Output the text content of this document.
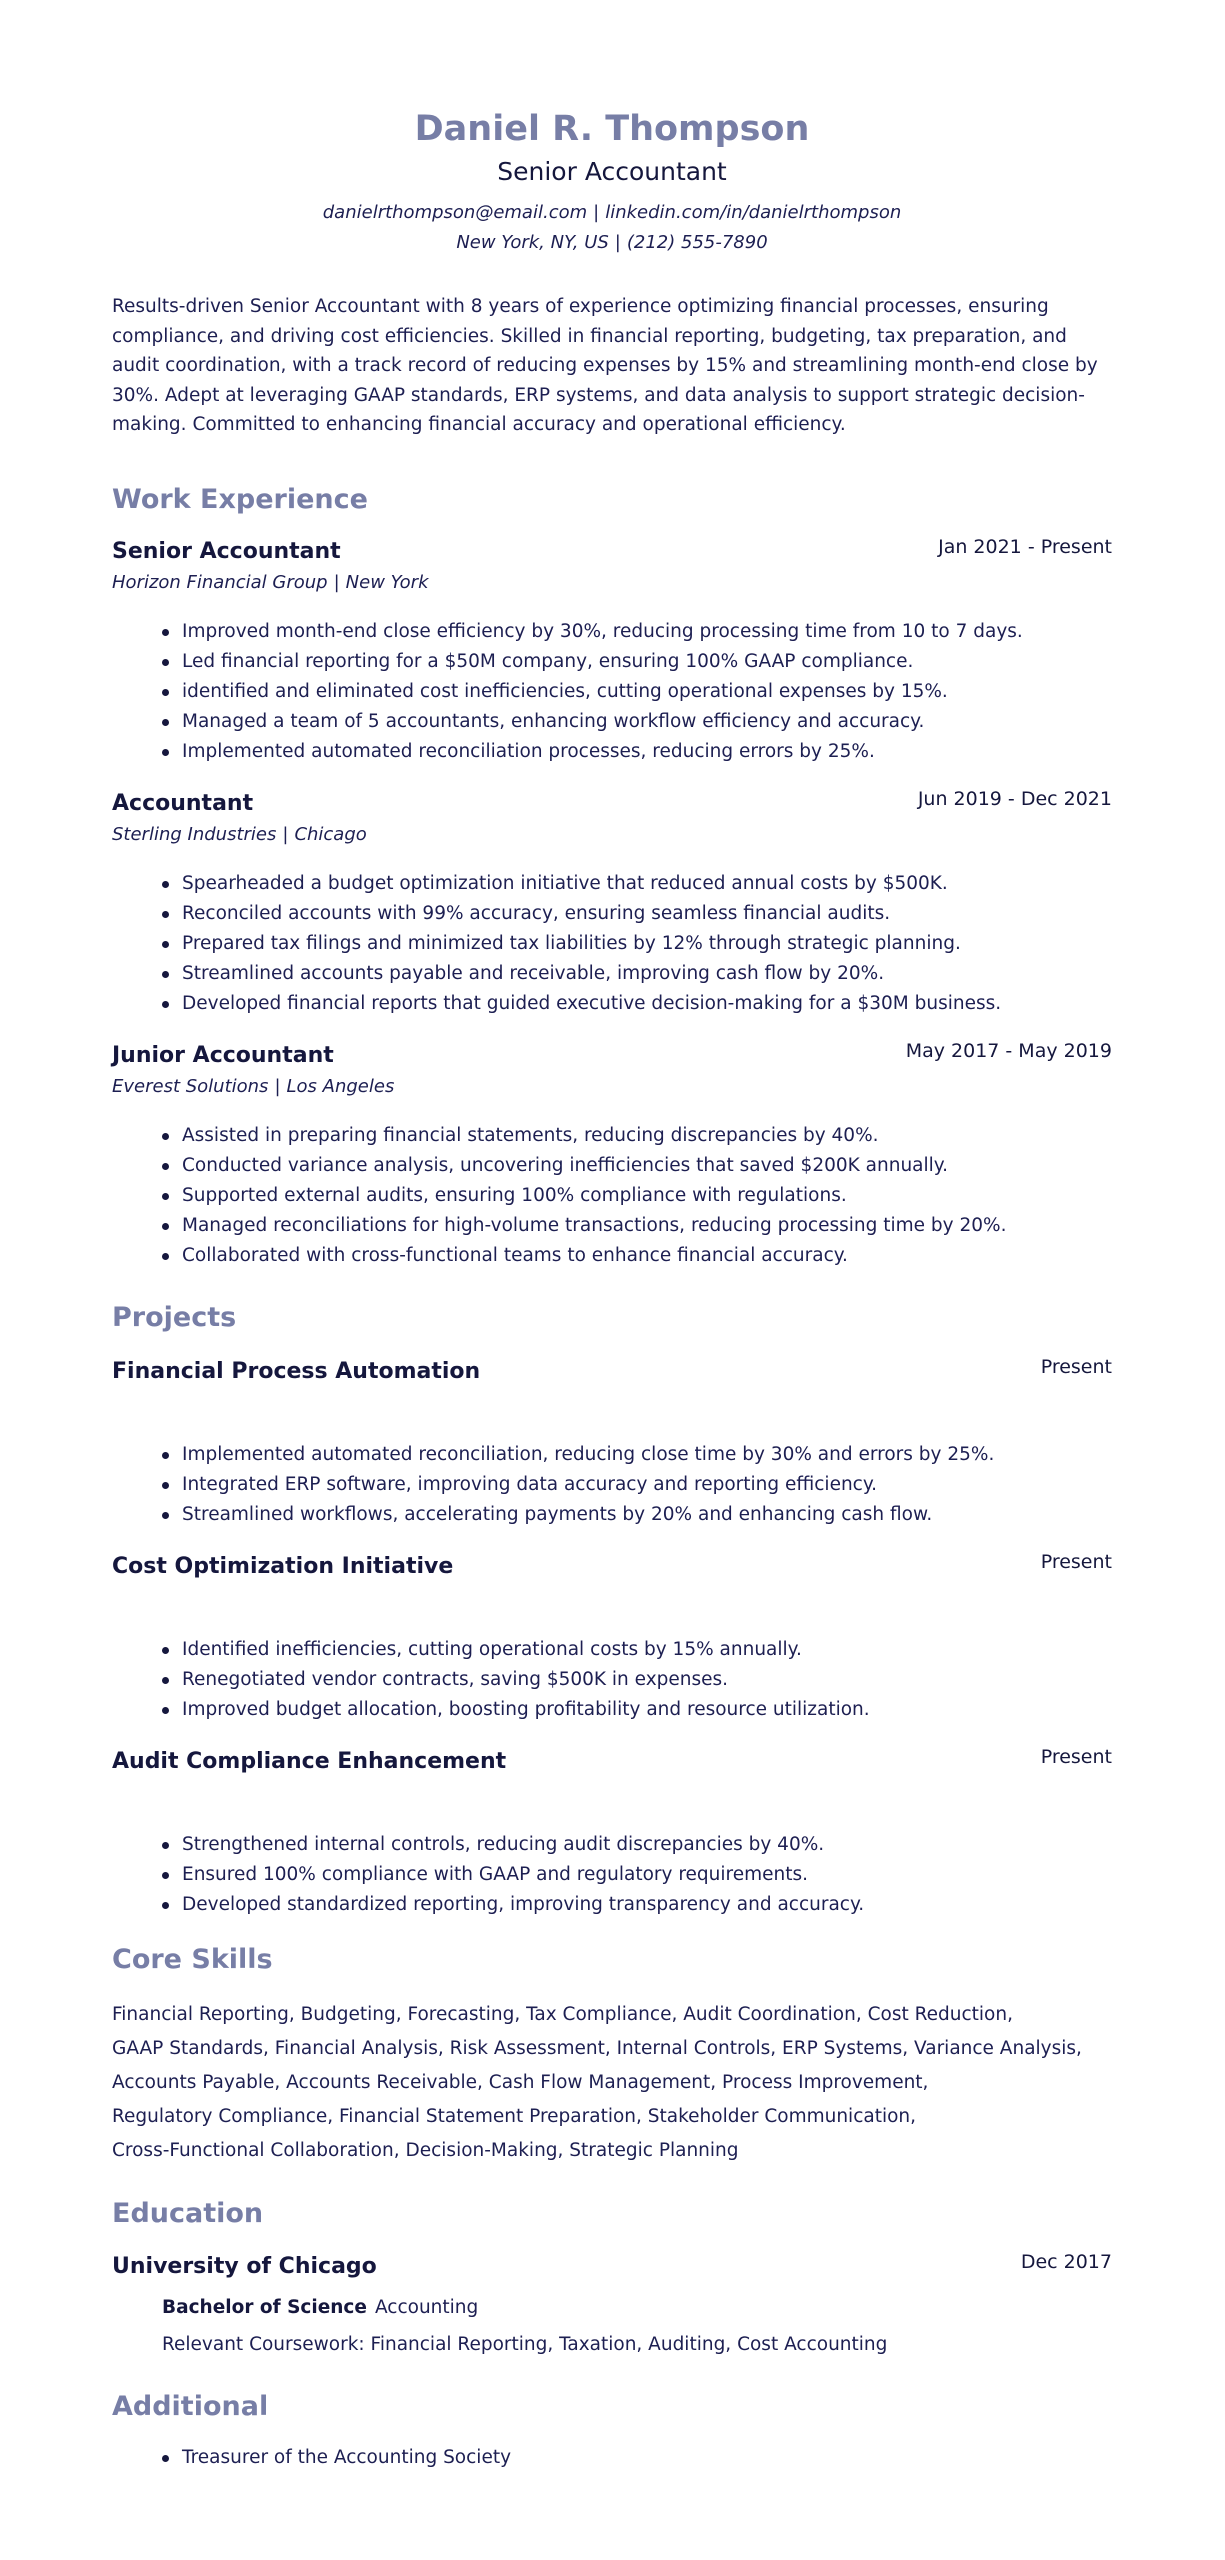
Daniel R. Thompson
Senior Accountant
danielrthompson@email.com | linkedin.com/in/danielrthompson
New York, NY, US | (212) 555-7890
Results-driven Senior Accountant with 8 years of experience optimizing financial processes, ensuring compliance, and driving cost efficiencies. Skilled in financial reporting, budgeting, tax preparation, and audit coordination, with a track record of reducing expenses by 15% and streamlining month-end close by 30%. Adept at leveraging GAAP standards, ERP systems, and data analysis to support strategic decision-making. Committed to enhancing financial accuracy and operational efficiency.
Work Experience
Senior Accountant	Jan 2021 - Present
Horizon Financial Group | New York
Improved month-end close efficiency by 30%, reducing processing time from 10 to 7 days.
Led financial reporting for a $50M company, ensuring 100% GAAP compliance.
identified and eliminated cost inefficiencies, cutting operational expenses by 15%.
Managed a team of 5 accountants, enhancing workflow efficiency and accuracy.
Implemented automated reconciliation processes, reducing errors by 25%.
Accountant	Jun 2019 - Dec 2021
Sterling Industries | Chicago
Spearheaded a budget optimization initiative that reduced annual costs by $500K.
Reconciled accounts with 99% accuracy, ensuring seamless financial audits.
Prepared tax filings and minimized tax liabilities by 12% through strategic planning.
Streamlined accounts payable and receivable, improving cash flow by 20%.
Developed financial reports that guided executive decision-making for a $30M business.
Junior Accountant	May 2017 - May 2019
Everest Solutions | Los Angeles
Assisted in preparing financial statements, reducing discrepancies by 40%.
Conducted variance analysis, uncovering inefficiencies that saved $200K annually.
Supported external audits, ensuring 100% compliance with regulations.
Managed reconciliations for high-volume transactions, reducing processing time by 20%.
Collaborated with cross-functional teams to enhance financial accuracy.
Projects
Financial Process Automation	Present
Implemented automated reconciliation, reducing close time by 30% and errors by 25%.
Integrated ERP software, improving data accuracy and reporting efficiency.
Streamlined workflows, accelerating payments by 20% and enhancing cash flow.
Cost Optimization Initiative	Present
Identified inefficiencies, cutting operational costs by 15% annually.
Renegotiated vendor contracts, saving $500K in expenses.
Improved budget allocation, boosting profitability and resource utilization.
Audit Compliance Enhancement	Present
Strengthened internal controls, reducing audit discrepancies by 40%.
Ensured 100% compliance with GAAP and regulatory requirements.
Developed standardized reporting, improving transparency and accuracy.
Core Skills
Financial Reporting, Budgeting, Forecasting, Tax Compliance, Audit Coordination, Cost Reduction,
GAAP Standards, Financial Analysis, Risk Assessment, Internal Controls, ERP Systems, Variance Analysis,
Accounts Payable, Accounts Receivable, Cash Flow Management, Process Improvement,
Regulatory Compliance, Financial Statement Preparation, Stakeholder Communication,
Cross-Functional Collaboration, Decision-Making, Strategic Planning
Education
University of Chicago	Dec 2017
Bachelor of Science Accounting
Relevant Coursework: Financial Reporting, Taxation, Auditing, Cost Accounting
Additional
Treasurer of the Accounting Society
